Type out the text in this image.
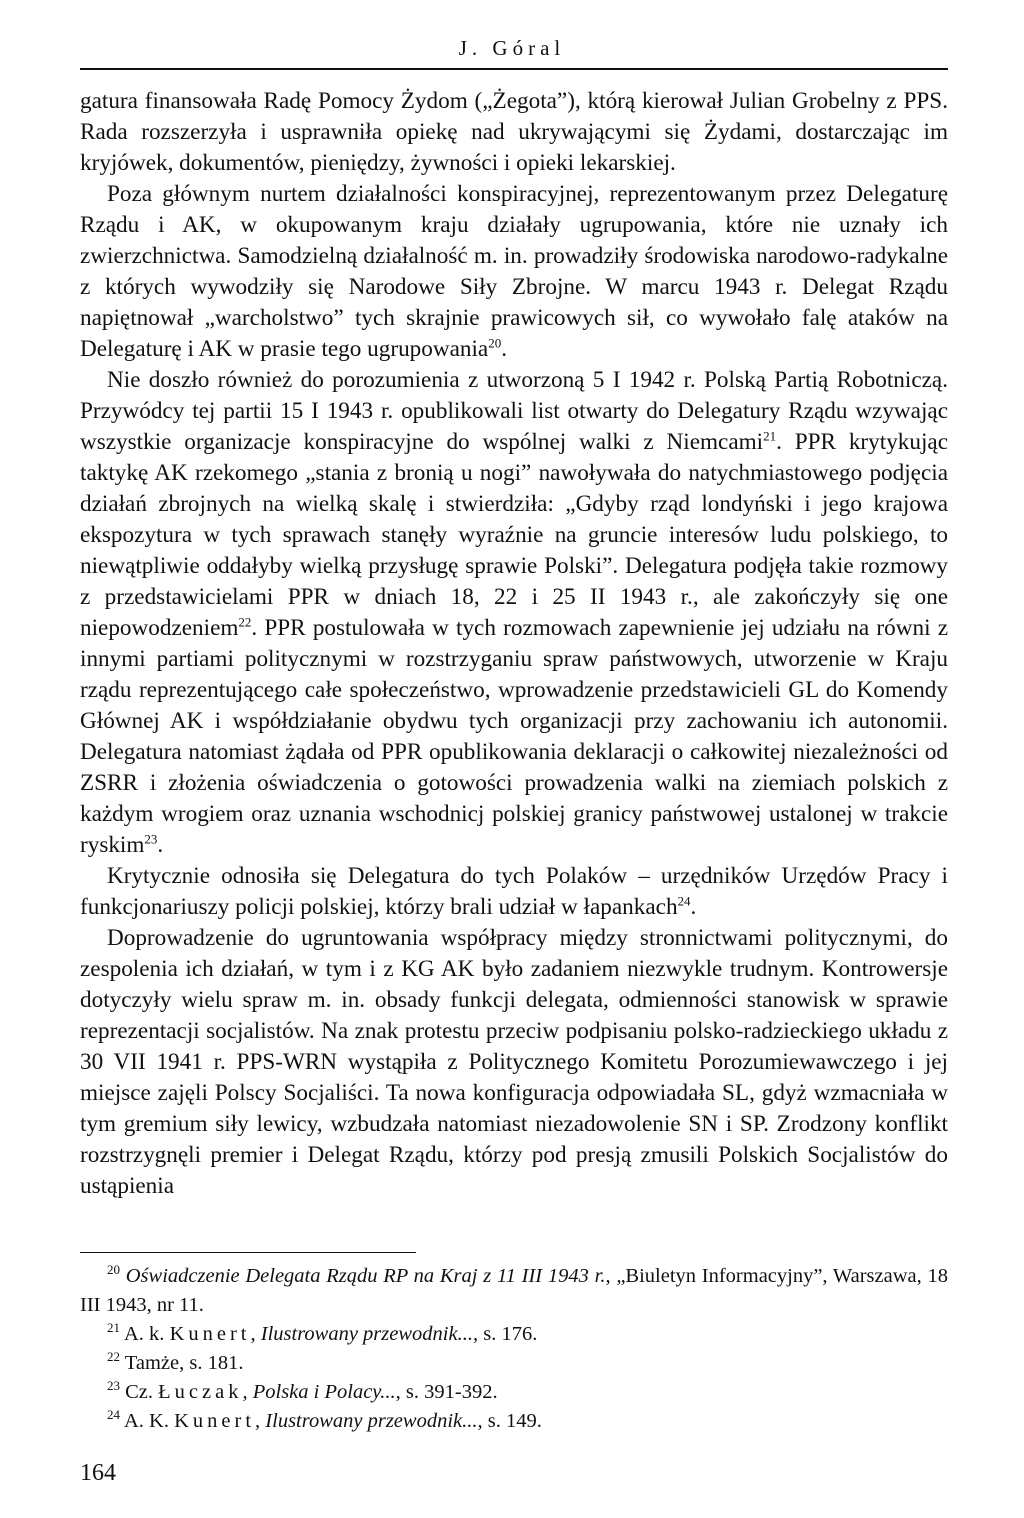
J. Góral

gatura finansowała Radę Pomocy Żydom („Żegota”), którą kierował Julian Grobelny z PPS. Rada rozszerzyła i usprawniła opiekę nad ukrywającymi się Żydami, dostarczając im kryjówek, dokumentów, pieniędzy, żywności i opieki lekarskiej.

Poza głównym nurtem działalności konspiracyjnej, reprezentowanym przez Delegaturę Rządu i AK, w okupowanym kraju działały ugrupowania, które nie uznały ich zwierzchnictwa. Samodzielną działalność m. in. prowadziły środowiska narodowo-radykalne z których wywodziły się Narodowe Siły Zbrojne. W marcu 1943 r. Delegat Rządu napiętnował „warcholstwo” tych skrajnie prawicowych sił, co wywołało falę ataków na Delegaturę i AK w prasie tego ugrupowania$^{20}$.

Nie doszło również do porozumienia z utworzoną 5 I 1942 r. Polską Partią Robotniczą. Przywódcy tej partii 15 I 1943 r. opublikowali list otwarty do Delegatury Rządu wzywając wszystkie organizacje konspiracyjne do wspólnej walki z Niemcami$^{21}$. PPR krytykując taktykę AK rzekomego „stania z bronią u nogi” nawoływała do natychmiastowego podjęcia działań zbrojnych na wielką skalę i stwierdziła: „Gdyby rząd londyński i jego krajowa ekspozytura w tych sprawach stanęły wyraźnie na gruncie interesów ludu polskiego, to niewątpliwie oddałyby wielką przysługę sprawie Polski”. Delegatura podjęła takie rozmowy z przedstawicielami PPR w dniach 18, 22 i 25 II 1943 r., ale zakończyły się one niepowodzeniem$^{22}$. PPR postulowała w tych rozmowach zapewnienie jej udziału na równi z innymi partiami politycznymi w rozstrzyganiu spraw państwowych, utworzenie w Kraju rządu reprezentującego całe społeczeństwo, wprowadzenie przedstawicieli GL do Komendy Głównej AK i współdziałanie obydwu tych organizacji przy zachowaniu ich autonomii. Delegatura natomiast żądała od PPR opublikowania deklaracji o całkowitej niezależności od ZSRR i złożenia oświadczenia o gotowości prowadzenia walki na ziemiach polskich z każdym wrogiem oraz uznania wschodnicj polskiej granicy państwowej ustalonej w trakcie ryskim$^{23}$.

Krytycznie odnosiła się Delegatura do tych Polaków – urzędników Urzędów Pracy i funkcjonariuszy policji polskiej, którzy brali udział w łapankach$^{24}$.

Doprowadzenie do ugruntowania współpracy między stronnictwami politycznymi, do zespolenia ich działań, w tym i z KG AK było zadaniem niezwykle trudnym. Kontrowersje dotyczyły wielu spraw m. in. obsady funkcji delegata, odmienności stanowisk w sprawie reprezentacji socjalistów. Na znak protestu przeciw podpisaniu polsko-radzieckiego układu z 30 VII 1941 r. PPS-WRN wystąpiła z Politycznego Komitetu Porozumiewawczego i jej miejsce zajęli Polscy Socjaliści. Ta nowa konfiguracja odpowiadała SL, gdyż wzmacniała w tym gremium siły lewicy, wzbudzała natomiast niezadowolenie SN i SP. Zrodzony konflikt rozstrzygnęli premier i Delegat Rządu, którzy pod presją zmusili Polskich Socjalistów do ustąpienia

$^{20}$ Oświadczenie Delegata Rządu RP na Kraj z 11 III 1943 r., „Biuletyn Informacyjny”, Warszawa, 18 III 1943, nr 11.

$^{21}$ A. k. Kunert, Ilustrowany przewodnik..., s. 176.

$^{22}$ Tamże, s. 181.

$^{23}$ Cz. Łuczak, Polska i Polacy..., s. 391-392.

$^{24}$ A. K. Kunert, Ilustrowany przewodnik..., s. 149.

164
